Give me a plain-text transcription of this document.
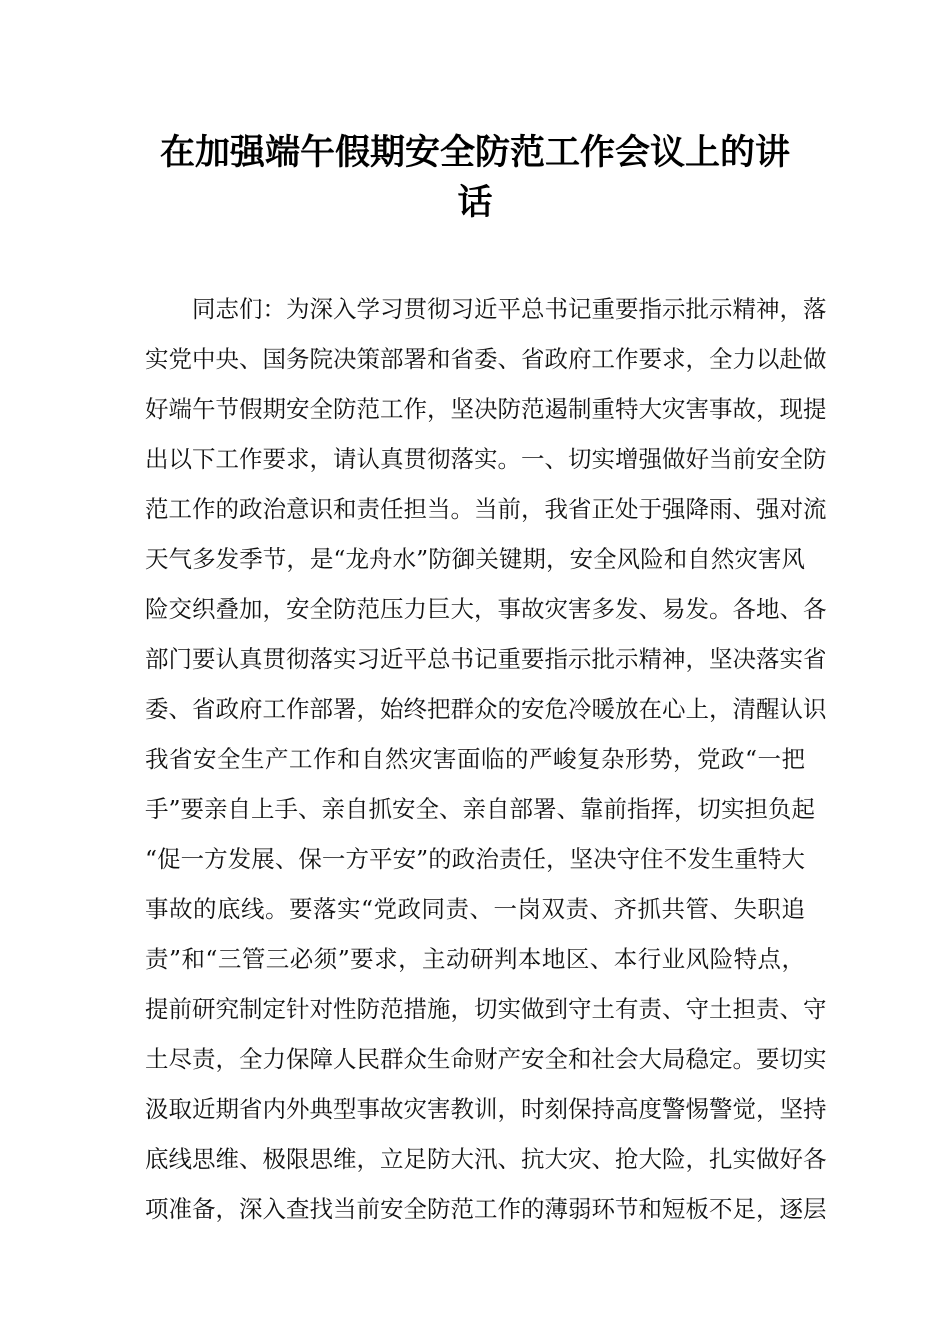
在加强端午假期安全防范工作会议上的讲
话
同志们：为深入学习贯彻习近平总书记重要指示批示精神，落
实党中央、国务院决策部署和省委、省政府工作要求，全力以赴做
好端午节假期安全防范工作，坚决防范遏制重特大灾害事故，现提
出以下工作要求，请认真贯彻落实。一、切实增强做好当前安全防
范工作的政治意识和责任担当。当前，我省正处于强降雨、强对流
天气多发季节，是“龙舟水”防御关键期，安全风险和自然灾害风
险交织叠加，安全防范压力巨大，事故灾害多发、易发。各地、各
部门要认真贯彻落实习近平总书记重要指示批示精神，坚决落实省
委、省政府工作部署，始终把群众的安危冷暖放在心上，清醒认识
我省安全生产工作和自然灾害面临的严峻复杂形势，党政“一把
手”要亲自上手、亲自抓安全、亲自部署、靠前指挥，切实担负起
“促一方发展、保一方平安”的政治责任，坚决守住不发生重特大
事故的底线。要落实“党政同责、一岗双责、齐抓共管、失职追
责”和“三管三必须”要求，主动研判本地区、本行业风险特点，
提前研究制定针对性防范措施，切实做到守土有责、守土担责、守
土尽责，全力保障人民群众生命财产安全和社会大局稳定。要切实
汲取近期省内外典型事故灾害教训，时刻保持高度警惕警觉，坚持
底线思维、极限思维，立足防大汛、抗大灾、抢大险，扎实做好各
项准备，深入查找当前安全防范工作的薄弱环节和短板不足，逐层
